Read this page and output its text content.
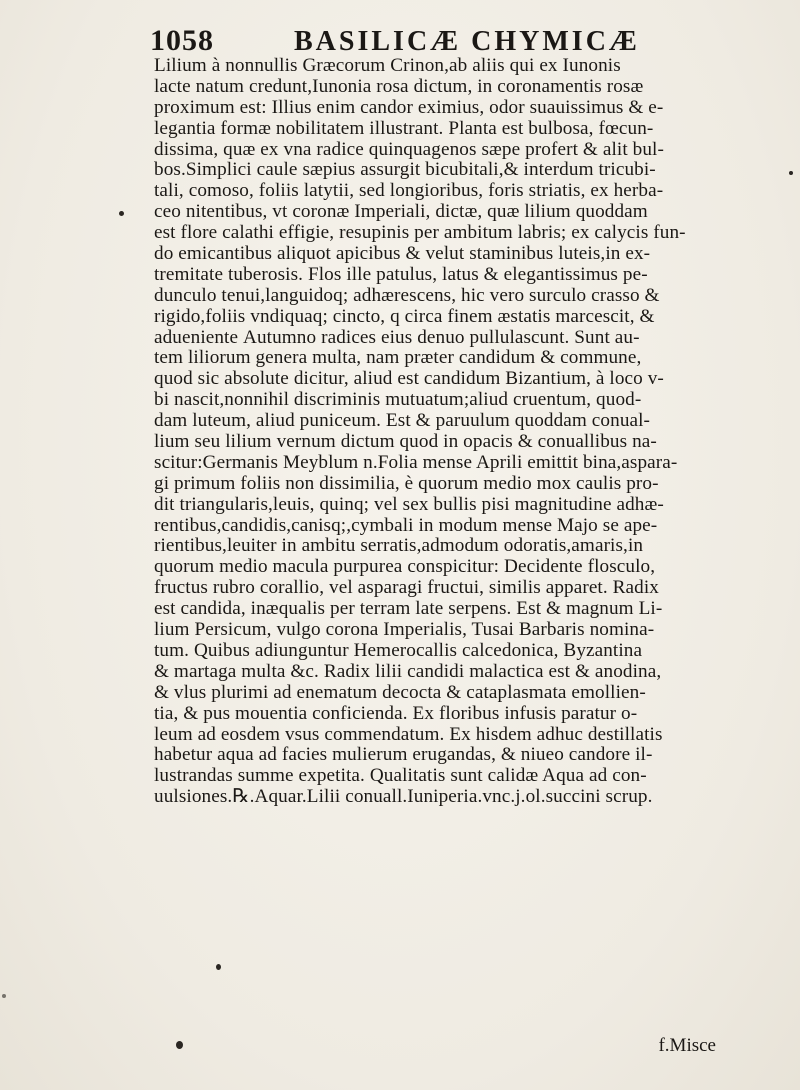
1058	BASILICÆ CHYMICÆ
Lilium à nonnullis Græcorum Crinon,ab aliis qui ex Iunonis
lacte natum credunt,Iunonia rosa dictum, in coronamentis rosæ
proximum est: Illius enim candor eximius, odor suauissimus & e-
legantia formæ nobilitatem illustrant. Planta est bulbosa, fœcun-
dissima, quæ ex vna radice quinquagenos sæpe profert & alit bul-
bos.Simplici caule sæpius assurgit bicubitali,& interdum tricubi-
tali, comoso, foliis latytii, sed longioribus, foris striatis, ex herba-
ceo nitentibus, vt coronæ Imperiali, dictæ, quæ lilium quoddam
est flore calathi effigie, resupinis per ambitum labris; ex calycis fun-
do emicantibus aliquot apicibus & velut staminibus luteis,in ex-
tremitate tuberosis. Flos ille patulus, latus & elegantissimus pe-
dunculo tenui,languidoq; adhærescens, hic vero surculo crasso &
rigido,foliis vndiquaq; cincto, q circa finem æstatis marcescit, &
aduenientе Autumno radices eius denuo pullulascunt. Sunt au-
tem liliorum genera multa, nam præter candidum & commune,
quod sic absolute dicitur, aliud est candidum Bizantium, à loco v-
bi nascit,nonnihil discriminis mutuatum;aliud cruentum, quod-
dam luteum, aliud puniceum. Est & paruulum quoddam conual-
lium seu lilium vernum dictum quod in opacis & conuallibus na-
scitur:Germanis Meyblum n.Folia mense Aprili emittit bina,aspara-
gi primum foliis non dissimilia, è quorum medio mox caulis pro-
dit triangularis,leuis, quinq; vel sex bullis pisi magnitudine adhæ-
rentibus,candidis,canisq;,cymbali in modum mense Majo se ape-
rientibus,leuiter in ambitu serratis,admodum odoratis,amaris,in
quorum medio macula purpurea conspicitur: Decidente flosculo,
fructus rubro corallio, vel asparagi fructui, similis apparet. Radix
est candida, inæqualis per terram late serpens. Est & magnum Li-
lium Persicum, vulgo corona Imperialis, Tusai Barbaris nomina-
tum. Quibus adiunguntur Hemerocallis calcedonica, Byzantina
& martaga multa &c. Radix lilii candidi malactica est & anodina,
& vlus plurimi ad enematum decocta & cataplasmata emollien-
tia, & pus mouentia conficienda. Ex floribus infusis paratur o-
leum ad eosdem vsus commendatum. Ex hisdem adhuc destillatis
habetur aqua ad facies mulierum erugandas, & niueo candore il-
lustrandas summe expetita. Qualitatis sunt calidæ Aqua ad con-
uulsiones.℞.Aquar.Lilii conuall.Iuniperia.vnc.j.ol.succini scrup.
f.Misce
